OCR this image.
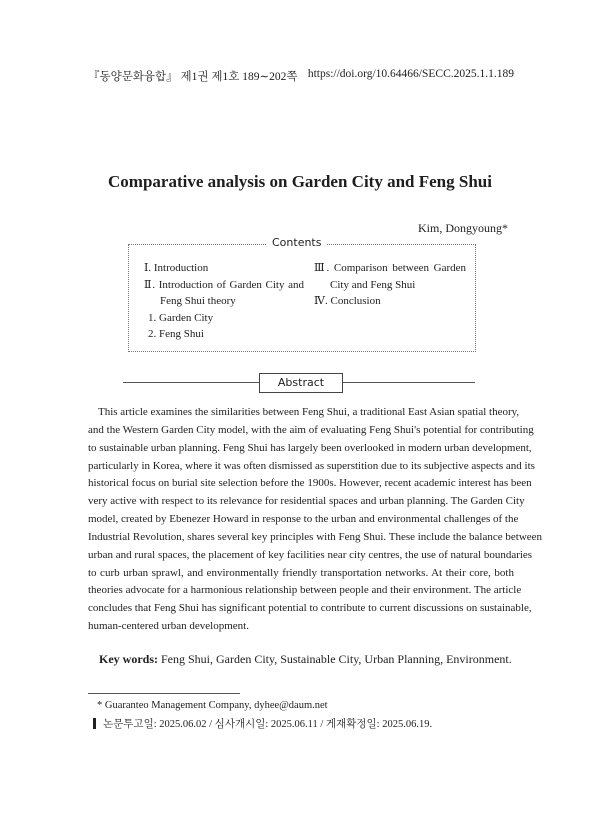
『동양문화융합』 제1권 제1호 189∼202쪽 https://doi.org/10.64466/SECC.2025.1.1.189
Comparative analysis on Garden City and Feng Shui
Kim, Dongyoung*
Contents
Ⅰ. Introduction
Ⅱ. Introduction of Garden City and
Feng Shui theory
1. Garden City
2. Feng Shui
Ⅲ. Comparison between Garden
City and Feng Shui
Ⅳ. Conclusion
Abstract
This article examines the similarities between Feng Shui, a traditional East Asian spatial theory,
and the Western Garden City model, with the aim of evaluating Feng Shui's potential for contributing
to sustainable urban planning. Feng Shui has largely been overlooked in modern urban development,
particularly in Korea, where it was often dismissed as superstition due to its subjective aspects and its
historical focus on burial site selection before the 1900s. However, recent academic interest has been
very active with respect to its relevance for residential spaces and urban planning. The Garden City
model, created by Ebenezer Howard in response to the urban and environmental challenges of the
Industrial Revolution, shares several key principles with Feng Shui. These include the balance between
urban and rural spaces, the placement of key facilities near city centres, the use of natural boundaries
to curb urban sprawl, and environmentally friendly transportation networks. At their core, both
theories advocate for a harmonious relationship between people and their environment. The article
concludes that Feng Shui has significant potential to contribute to current discussions on sustainable,
human-centered urban development.
Key words: Feng Shui, Garden City, Sustainable City, Urban Planning, Environment.
* Guaranteo Management Company, dyhee@daum.net
논문투고일: 2025.06.02 / 심사개시일: 2025.06.11 / 게재확정일: 2025.06.19.
